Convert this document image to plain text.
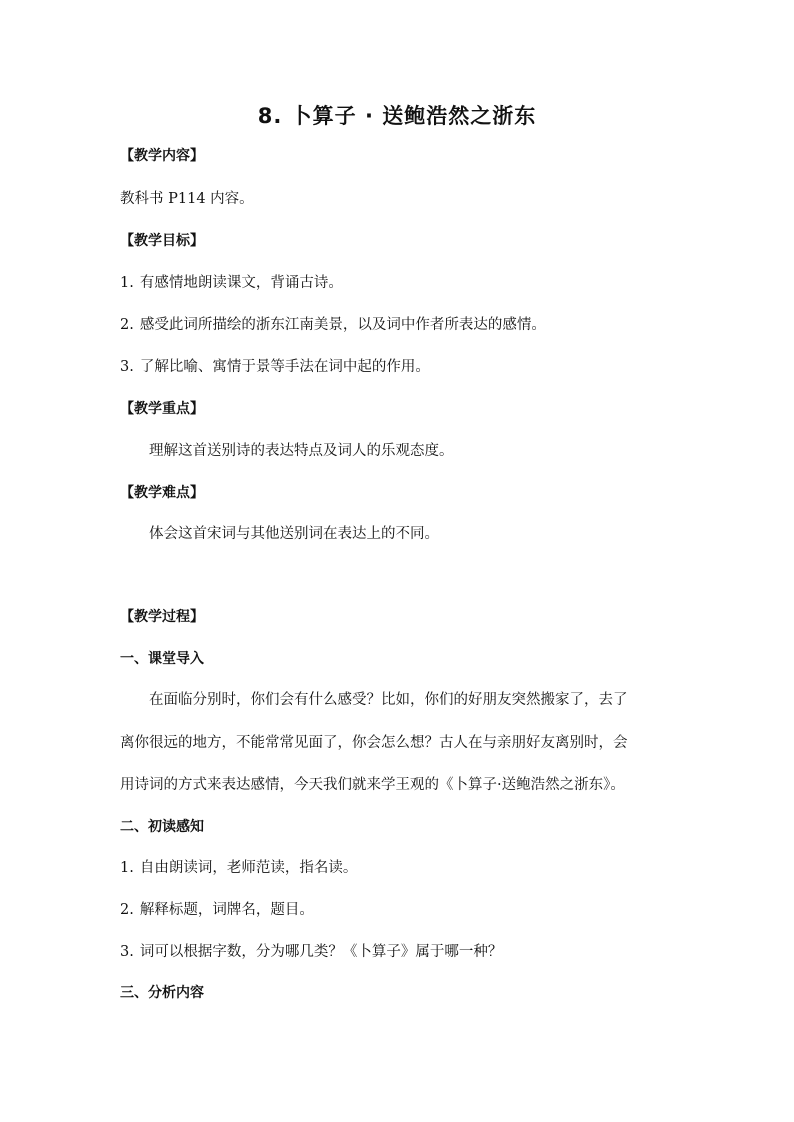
8. 卜算子 · 送鲍浩然之浙东
【教学内容】
教科书 P114 内容。
【教学目标】
1. 有感情地朗读课文，背诵古诗。
2. 感受此词所描绘的浙东江南美景，以及词中作者所表达的感情。
3. 了解比喻、寓情于景等手法在词中起的作用。
【教学重点】
理解这首送别诗的表达特点及词人的乐观态度。
【教学难点】
体会这首宋词与其他送别词在表达上的不同。
【教学过程】
一、课堂导入
在面临分别时，你们会有什么感受？比如，你们的好朋友突然搬家了，去了
离你很远的地方，不能常常见面了，你会怎么想？古人在与亲朋好友离别时，会
用诗词的方式来表达感情，今天我们就来学王观的《卜算子·送鲍浩然之浙东》。
二、初读感知
1. 自由朗读词，老师范读，指名读。
2. 解释标题，词牌名，题目。
3. 词可以根据字数，分为哪几类？《卜算子》属于哪一种？
三、分析内容
